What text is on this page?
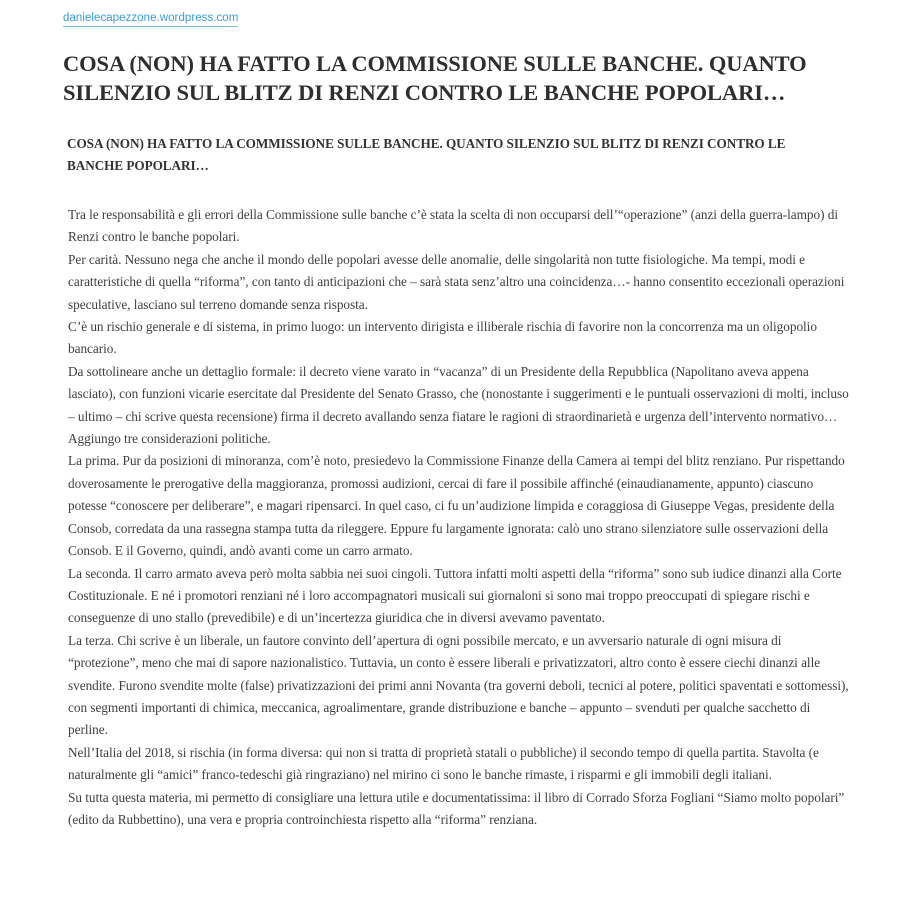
danielecapezzone.wordpress.com
COSA (NON) HA FATTO LA COMMISSIONE SULLE BANCHE. QUANTO SILENZIO SUL BLITZ DI RENZI CONTRO LE BANCHE POPOLARI…
COSA (NON) HA FATTO LA COMMISSIONE SULLE BANCHE. QUANTO SILENZIO SUL BLITZ DI RENZI CONTRO LE BANCHE POPOLARI…

Tra le responsabilità e gli errori della Commissione sulle banche c’è stata la scelta di non occuparsi dell’“operazione” (anzi della guerra-lampo) di Renzi contro le banche popolari.

Per carità. Nessuno nega che anche il mondo delle popolari avesse delle anomalie, delle singolarità non tutte fisiologiche. Ma tempi, modi e caratteristiche di quella “riforma”, con tanto di anticipazioni che – sarà stata senz’altro una coincidenza…- hanno consentito eccezionali operazioni speculative, lasciano sul terreno domande senza risposta.

C’è un rischio generale e di sistema, in primo luogo: un intervento dirigista e illiberale rischia di favorire non la concorrenza ma un oligopolio bancario.

Da sottolineare anche un dettaglio formale: il decreto viene varato in “vacanza” di un Presidente della Repubblica (Napolitano aveva appena lasciato), con funzioni vicarie esercitate dal Presidente del Senato Grasso, che (nonostante i suggerimenti e le puntuali osservazioni di molti, incluso – ultimo – chi scrive questa recensione) firma il decreto avallando senza fiatare le ragioni di straordinarietà e urgenza dell’intervento normativo…

Aggiungo tre considerazioni politiche.

La prima. Pur da posizioni di minoranza, com’è noto, presiedevo la Commissione Finanze della Camera ai tempi del blitz renziano. Pur rispettando doverosamente le prerogative della maggioranza, promossi audizioni, cercai di fare il possibile affinché (einaudianamente, appunto) ciascuno potesse “conoscere per deliberare”, e magari ripensarci. In quel caso, ci fu un’audizione limpida e coraggiosa di Giuseppe Vegas, presidente della Consob, corredata da una rassegna stampa tutta da rileggere. Eppure fu largamente ignorata: calò uno strano silenziatore sulle osservazioni della Consob. E il Governo, quindi, andò avanti come un carro armato.

La seconda. Il carro armato aveva però molta sabbia nei suoi cingoli. Tuttora infatti molti aspetti della “riforma” sono sub iudice dinanzi alla Corte Costituzionale. E né i promotori renziani né i loro accompagnatori musicali sui giornaloni si sono mai troppo preoccupati di spiegare rischi e conseguenze di uno stallo (prevedibile) e di un’incertezza giuridica che in diversi avevamo paventato.

La terza. Chi scrive è un liberale, un fautore convinto dell’apertura di ogni possibile mercato, e un avversario naturale di ogni misura di “protezione”, meno che mai di sapore nazionalistico. Tuttavia, un conto è essere liberali e privatizzatori, altro conto è essere ciechi dinanzi alle svendite. Furono svendite molte (false) privatizzazioni dei primi anni Novanta (tra governi deboli, tecnici al potere, politici spaventati e sottomessi), con segmenti importanti di chimica, meccanica, agroalimentare, grande distribuzione e banche – appunto – svenduti per qualche sacchetto di perline.

Nell’Italia del 2018, si rischia (in forma diversa: qui non si tratta di proprietà statali o pubbliche) il secondo tempo di quella partita. Stavolta (e naturalmente gli “amici” franco-tedeschi già ringraziano) nel mirino ci sono le banche rimaste, i risparmi e gli immobili degli italiani.

Su tutta questa materia, mi permetto di consigliare una lettura utile e documentatissima: il libro di Corrado Sforza Fogliani “Siamo molto popolari” (edito da Rubbettino), una vera e propria controinchiesta rispetto alla “riforma” renziana.
